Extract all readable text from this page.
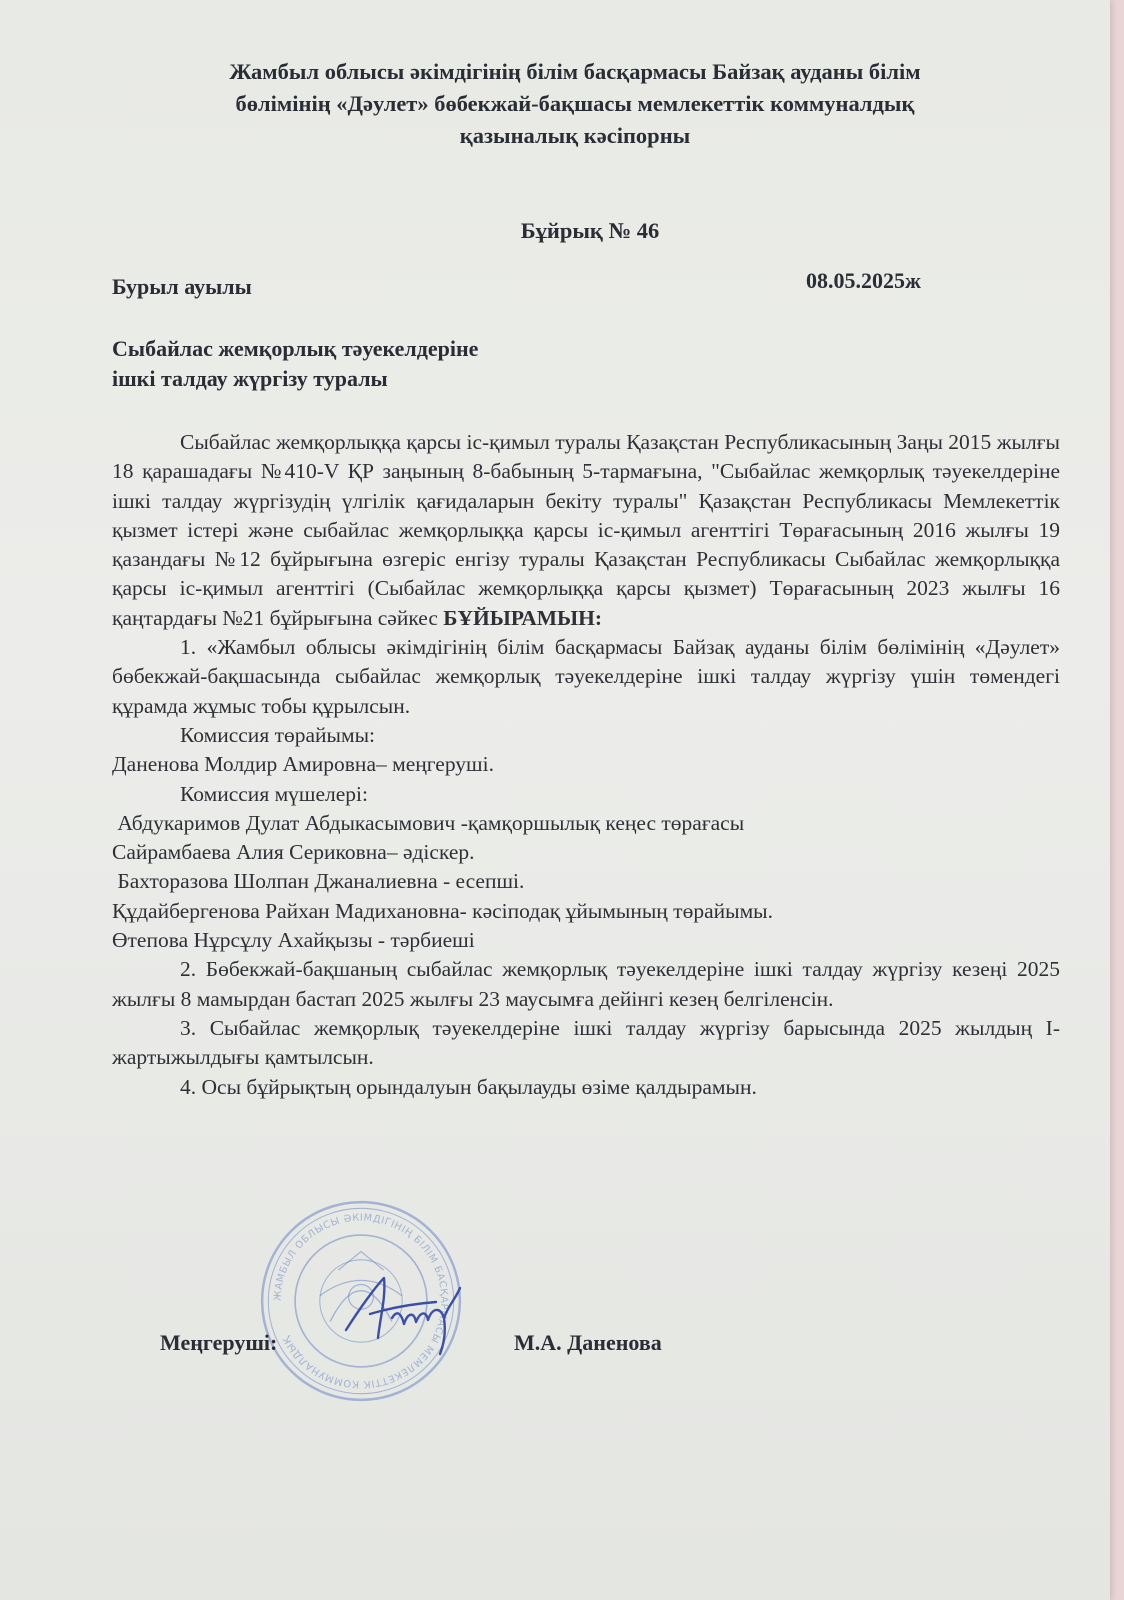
Жамбыл облысы әкімдігінің білім басқармасы Байзақ ауданы білім
бөлімінің «Дәулет» бөбекжай-бақшасы мемлекеттік коммуналдық
қазыналық кәсіпорны
Бұйрық № 46
Бурыл ауылы	08.05.2025ж
Сыбайлас жемқорлық тәуекелдеріне
ішкі талдау жүргізу туралы

Сыбайлас жемқорлыққа қарсы іс-қимыл туралы Қазақстан Республикасының Заңы 2015 жылғы 18 қарашадағы №410-V ҚР заңының 8-бабының 5-тармағына, "Сыбайлас жемқорлық тәуекелдеріне ішкі талдау жүргізудің үлгілік қағидаларын бекіту туралы" Қазақстан Республикасы Мемлекеттік қызмет істері және сыбайлас жемқорлыққа қарсы іс-қимыл агенттігі Төрағасының 2016 жылғы 19 қазандағы №12 бұйрығына өзгеріс енгізу туралы Қазақстан Республикасы Сыбайлас жемқорлыққа қарсы іс-қимыл агенттігі (Сыбайлас жемқорлыққа қарсы қызмет) Төрағасының 2023 жылғы 16 қаңтардағы №21 бұйрығына сәйкес БҰЙЫРАМЫН:

1. «Жамбыл облысы әкімдігінің білім басқармасы Байзақ ауданы білім бөлімінің «Дәулет» бөбекжай-бақшасында сыбайлас жемқорлық тәуекелдеріне ішкі талдау жүргізу үшін төмендегі құрамда жұмыс тобы құрылсын.

Комиссия төрайымы:

Даненова Молдир Амировна– меңгеруші.

Комиссия мүшелері:

Абдукаримов Дулат Абдыкасымович -қамқоршылық кеңес төрағасы

Сайрамбаева Алия Сериковна– әдіскер.

Бахторазова Шолпан Джаналиевна - есепші.

Құдайбергенова Райхан Мадихановна- кәсіподақ ұйымының төрайымы.

Өтепова Нұрсұлу Ахайқызы - тәрбиеші

2. Бөбекжай-бақшаның сыбайлас жемқорлық тәуекелдеріне ішкі талдау жүргізу кезеңі 2025 жылғы 8 мамырдан бастап 2025 жылғы 23 маусымға дейінгі кезең белгіленсін.

3. Сыбайлас жемқорлық тәуекелдеріне ішкі талдау жүргізу барысында 2025 жылдың І-жартыжылдығы қамтылсын.

4. Осы бұйрықтың орындалуын бақылауды өзіме қалдырамын.

ЖАМБЫЛ ОБЛЫСЫ ӘКІМДІГІНІҢ БІЛІМ БАСҚАРМАСЫ МЕМЛЕКЕТТІК КОММУНАЛДЫҚ
Меңгеруші:	М.А. Даненова
